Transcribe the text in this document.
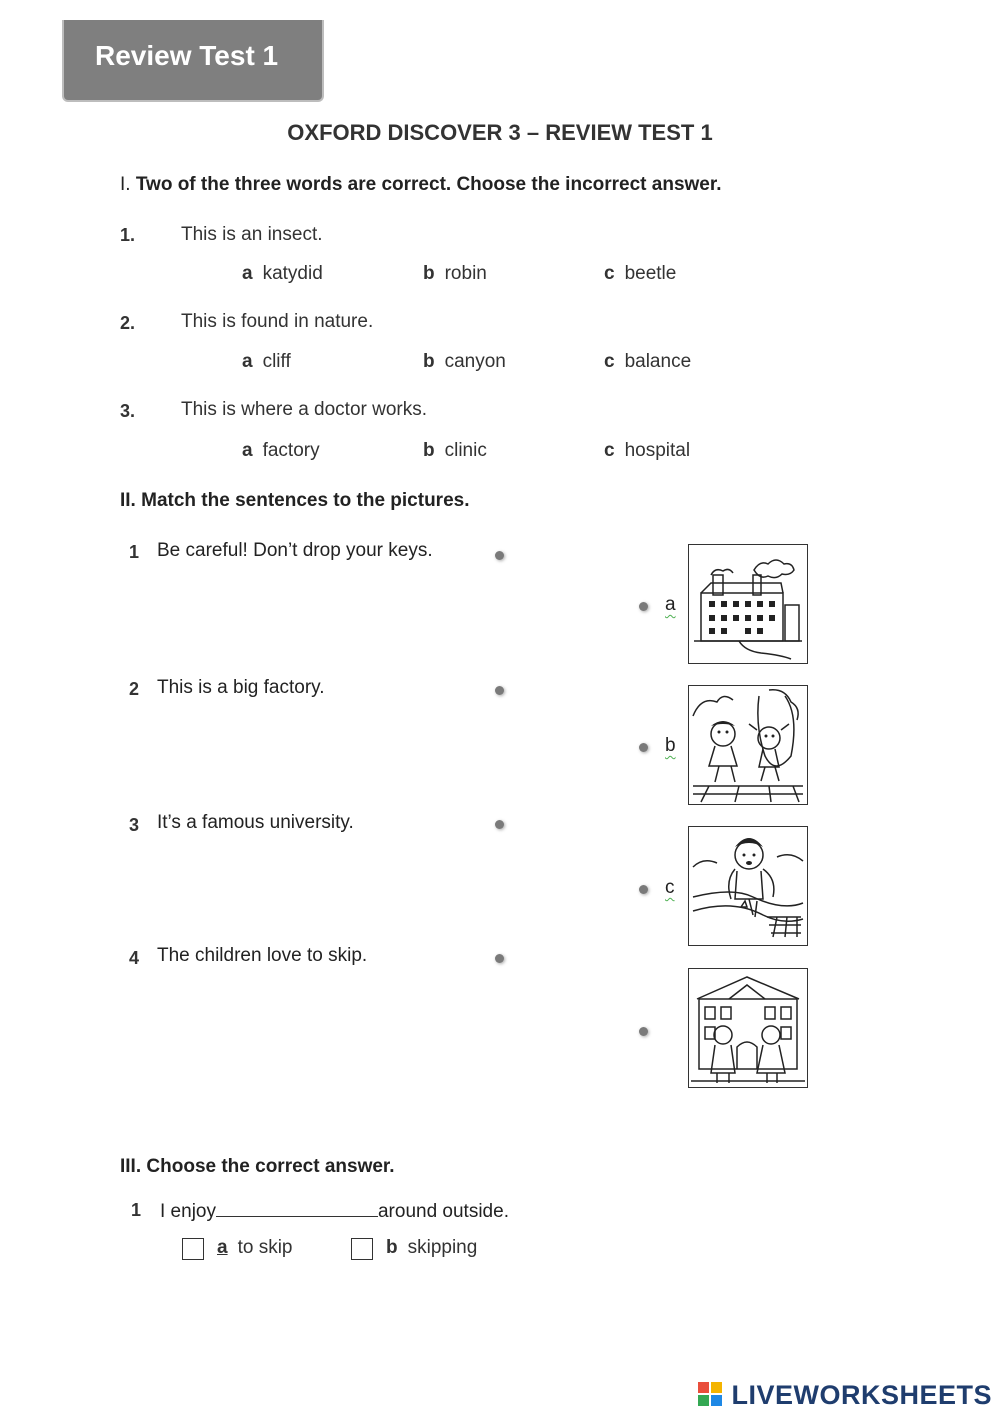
Review Test 1
OXFORD DISCOVER 3 – REVIEW TEST 1
I. Two of the three words are correct. Choose the incorrect answer.
1. This is an insect.
a katydid	b robin	c beetle
2. This is found in nature.
a cliff	b canyon	c balance
3. This is where a doctor works.
a factory	b clinic	c hospital
II. Match the sentences to the pictures.
1 Be careful! Don’t drop your keys.
2 This is a big factory.
3 It’s a famous university.
4 The children love to skip.
a
b
c
III. Choose the correct answer.
1 I enjoy	around outside.
a to skip	b skipping
LIVEWORKSHEETS
